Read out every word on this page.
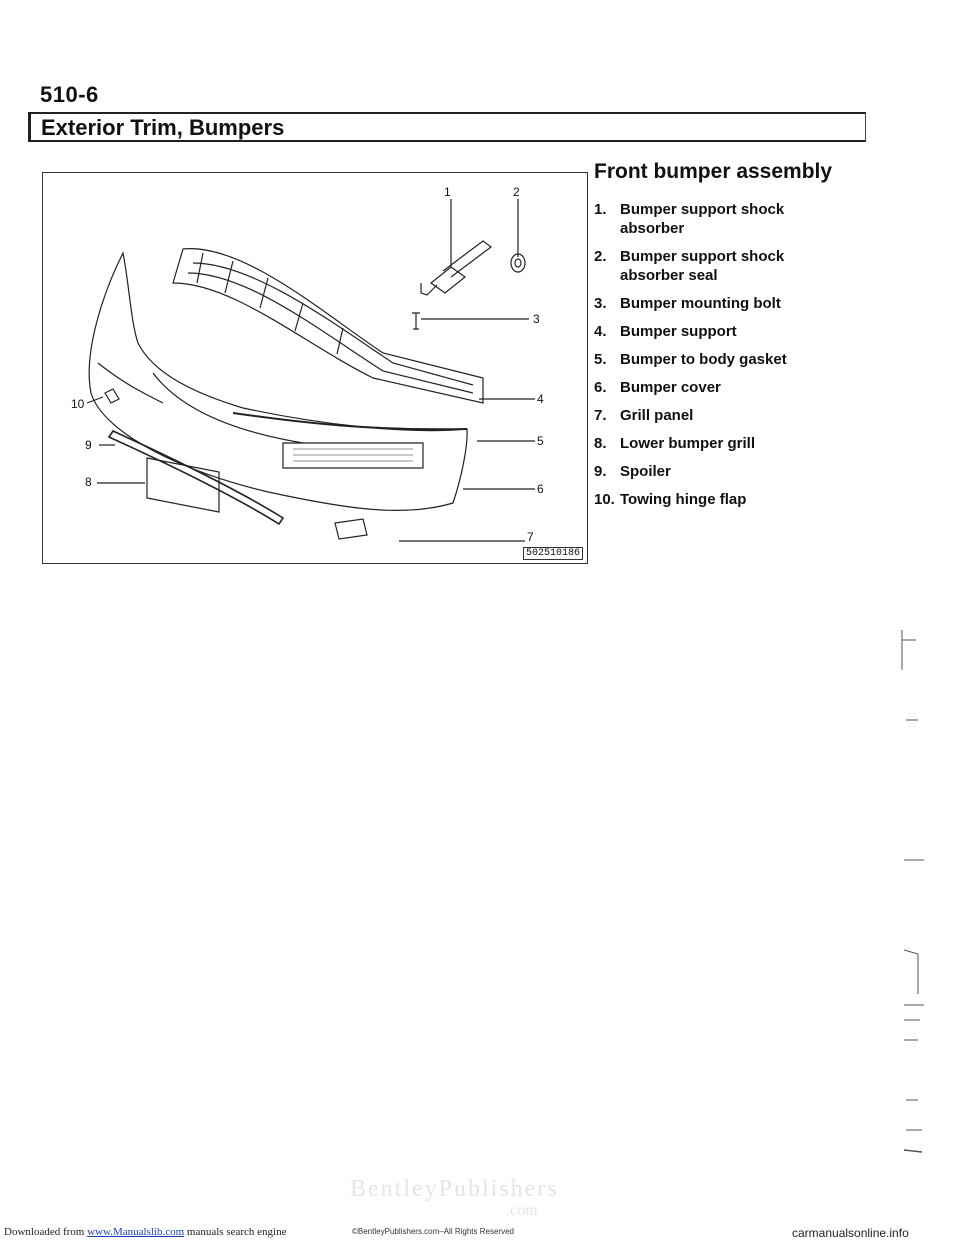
510-6
Exterior Trim, Bumpers
1	2
3
4
5
6
7
8
9
10
502510186
Front bumper assembly
1. Bumper support shock absorber
2. Bumper support shock absorber seal
3. Bumper mounting bolt
4. Bumper support
5. Bumper to body gasket
6. Bumper cover
7. Grill panel
8. Lower bumper grill
9. Spoiler
10. Towing hinge flap
BentleyPublishers
.com
Downloaded from www.Manualslib.com manuals search engine	©BentleyPublishers.com–All Rights Reserved	carmanualsonline.info
